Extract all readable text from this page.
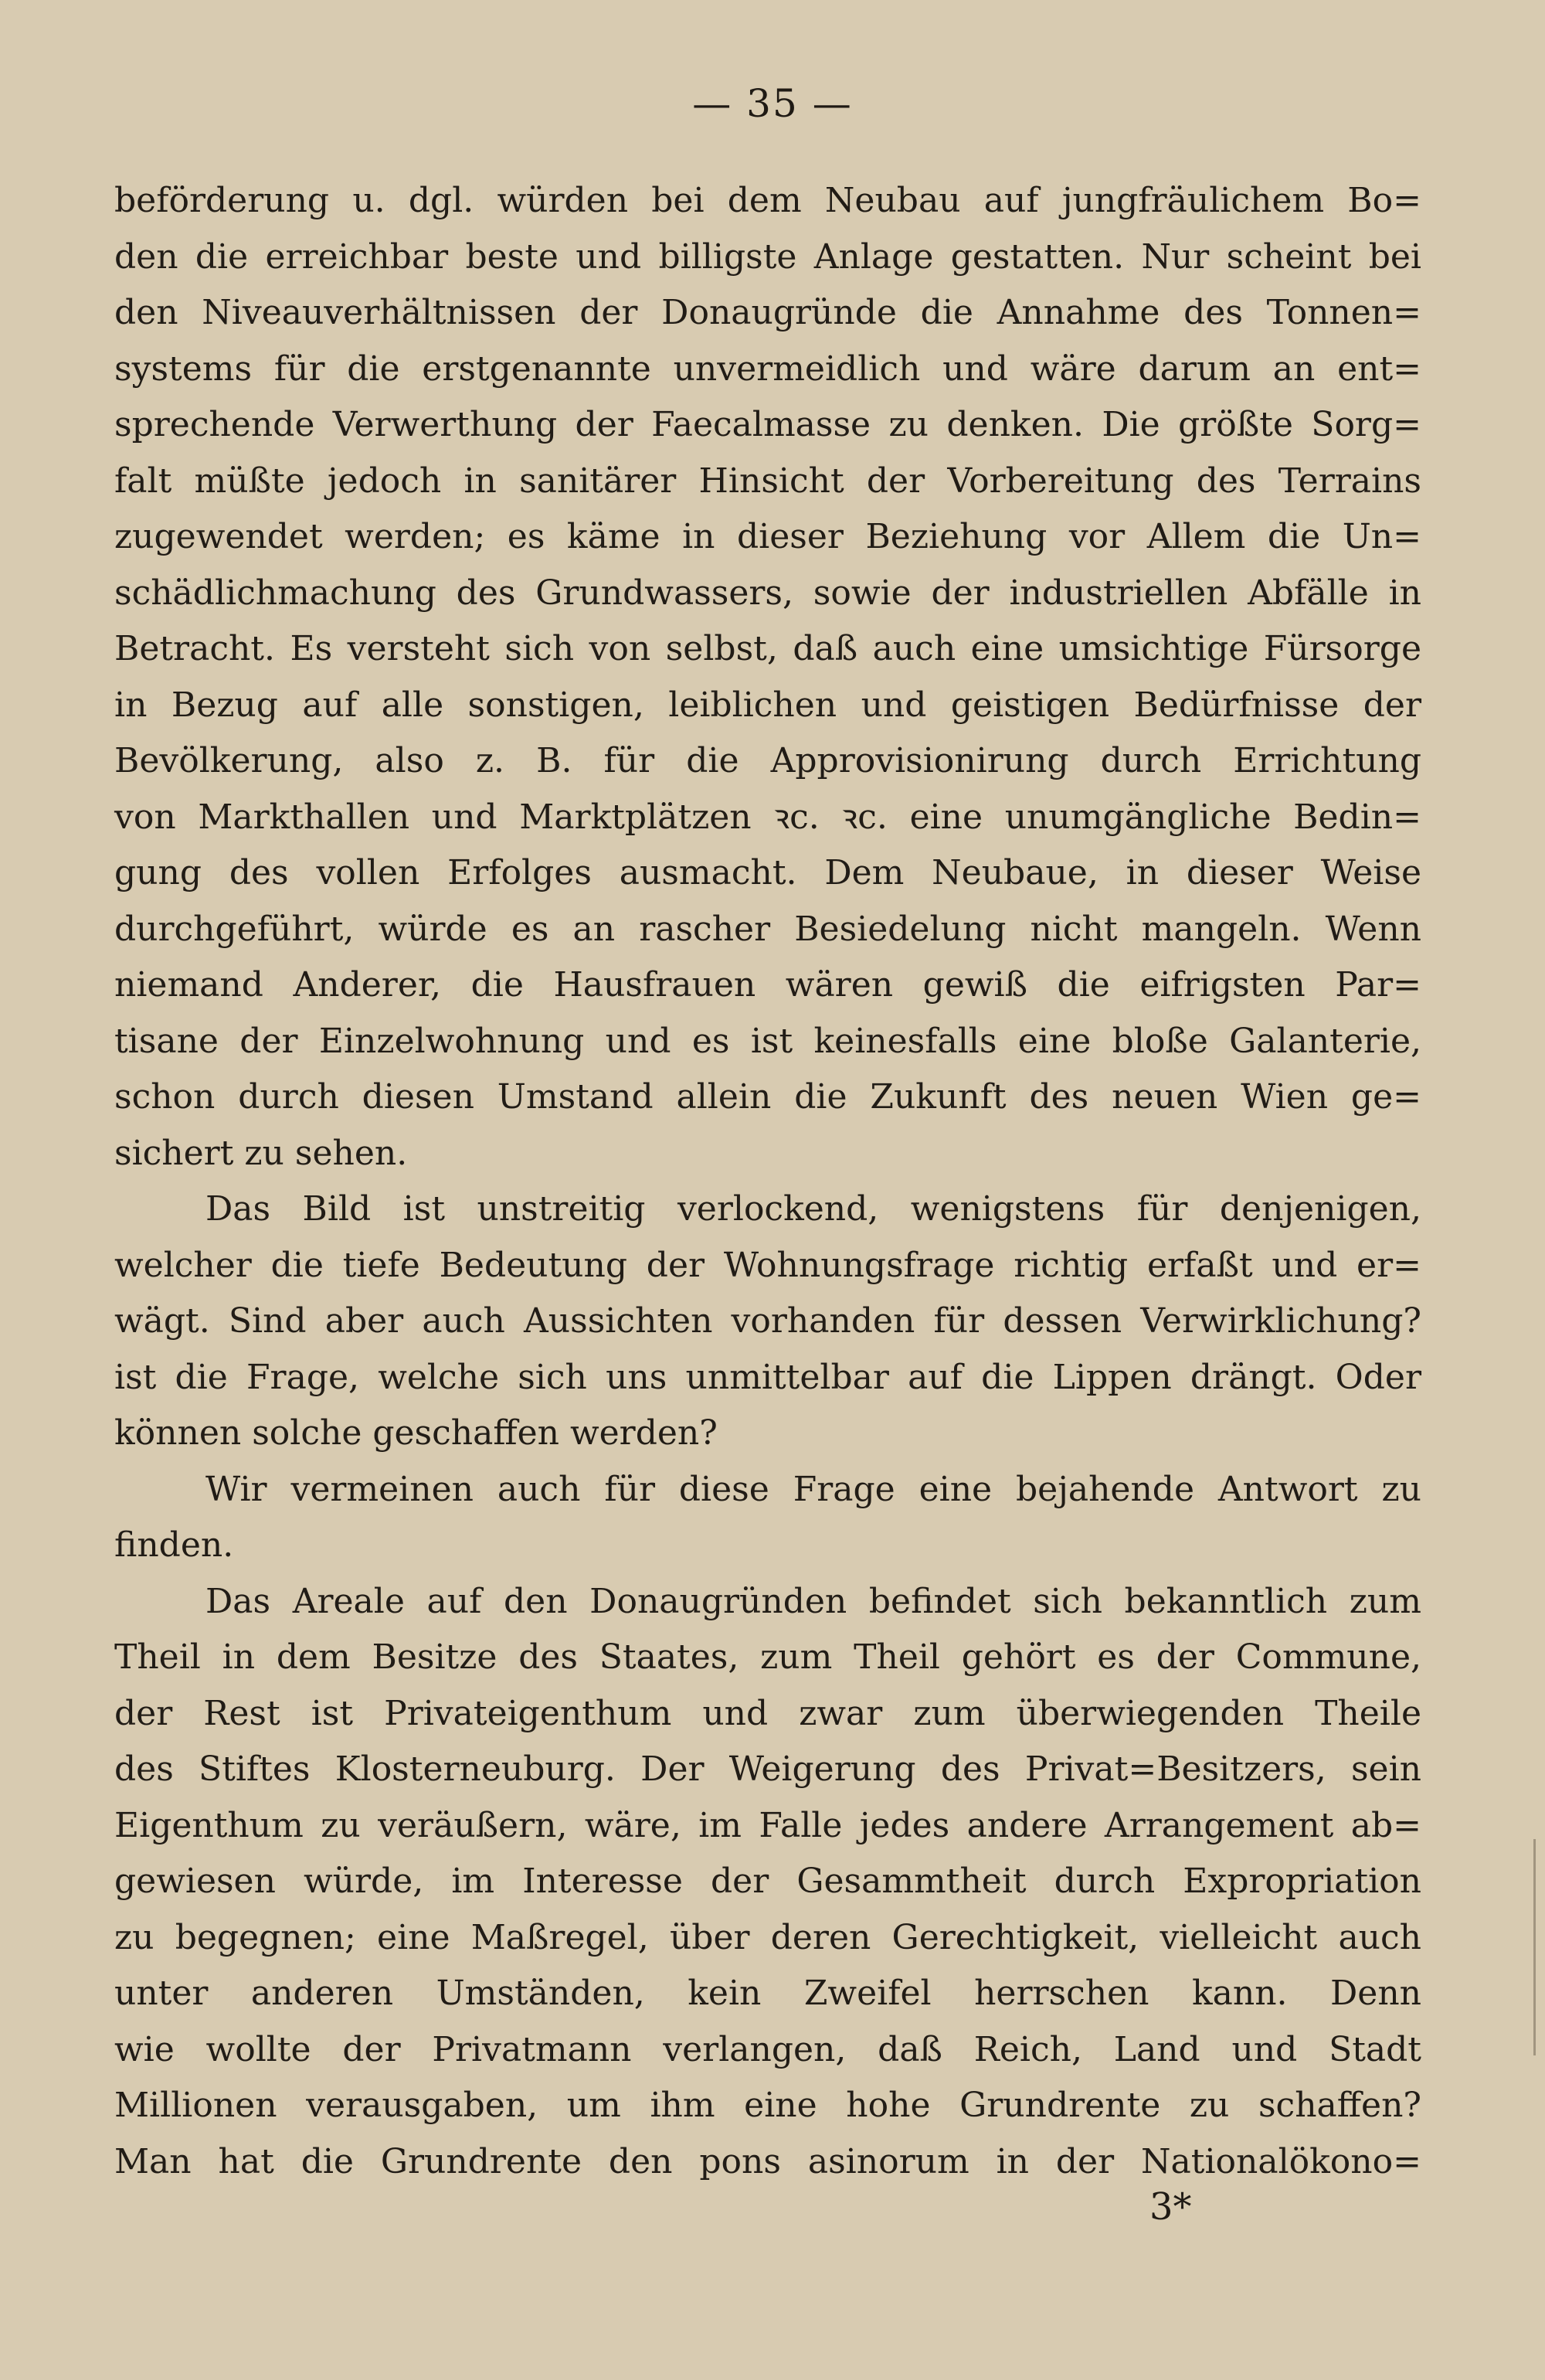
— 35 —
beförderung u. dgl. würden bei dem Neubau auf jungfräulichem Bo=
den die erreichbar beste und billigste Anlage gestatten. Nur scheint bei
den Niveauverhältnissen der Donaugründe die Annahme des Tonnen=
systems für die erstgenannte unvermeidlich und wäre darum an ent=
sprechende Verwerthung der Faecalmasse zu denken. Die größte Sorg=
falt müßte jedoch in sanitärer Hinsicht der Vorbereitung des Terrains
zugewendet werden; es käme in dieser Beziehung vor Allem die Un=
schädlichmachung des Grundwassers, sowie der industriellen Abfälle in
Betracht. Es versteht sich von selbst, daß auch eine umsichtige Fürsorge
in Bezug auf alle sonstigen, leiblichen und geistigen Bedürfnisse der
Bevölkerung, also z. B. für die Approvisionirung durch Errichtung
von Markthallen und Marktplätzen ꝛc. ꝛc. eine unumgängliche Bedin=
gung des vollen Erfolges ausmacht. Dem Neubaue, in dieser Weise
durchgeführt, würde es an rascher Besiedelung nicht mangeln. Wenn
niemand Anderer, die Hausfrauen wären gewiß die eifrigsten Par=
tisane der Einzelwohnung und es ist keinesfalls eine bloße Galanterie,
schon durch diesen Umstand allein die Zukunft des neuen Wien ge=
sichert zu sehen.
Das Bild ist unstreitig verlockend, wenigstens für denjenigen,
welcher die tiefe Bedeutung der Wohnungsfrage richtig erfaßt und er=
wägt. Sind aber auch Aussichten vorhanden für dessen Verwirklichung?
ist die Frage, welche sich uns unmittelbar auf die Lippen drängt. Oder
können solche geschaffen werden?
Wir vermeinen auch für diese Frage eine bejahende Antwort zu
finden.
Das Areale auf den Donaugründen befindet sich bekanntlich zum
Theil in dem Besitze des Staates, zum Theil gehört es der Commune,
der Rest ist Privateigenthum und zwar zum überwiegenden Theile
des Stiftes Klosterneuburg. Der Weigerung des Privat=Besitzers, sein
Eigenthum zu veräußern, wäre, im Falle jedes andere Arrangement ab=
gewiesen würde, im Interesse der Gesammtheit durch Expropriation
zu begegnen; eine Maßregel, über deren Gerechtigkeit, vielleicht auch
unter anderen Umständen, kein Zweifel herrschen kann. Denn
wie wollte der Privatmann verlangen, daß Reich, Land und Stadt
Millionen verausgaben, um ihm eine hohe Grundrente zu schaffen?
Man hat die Grundrente den pons asinorum in der Nationalökono=
3*
